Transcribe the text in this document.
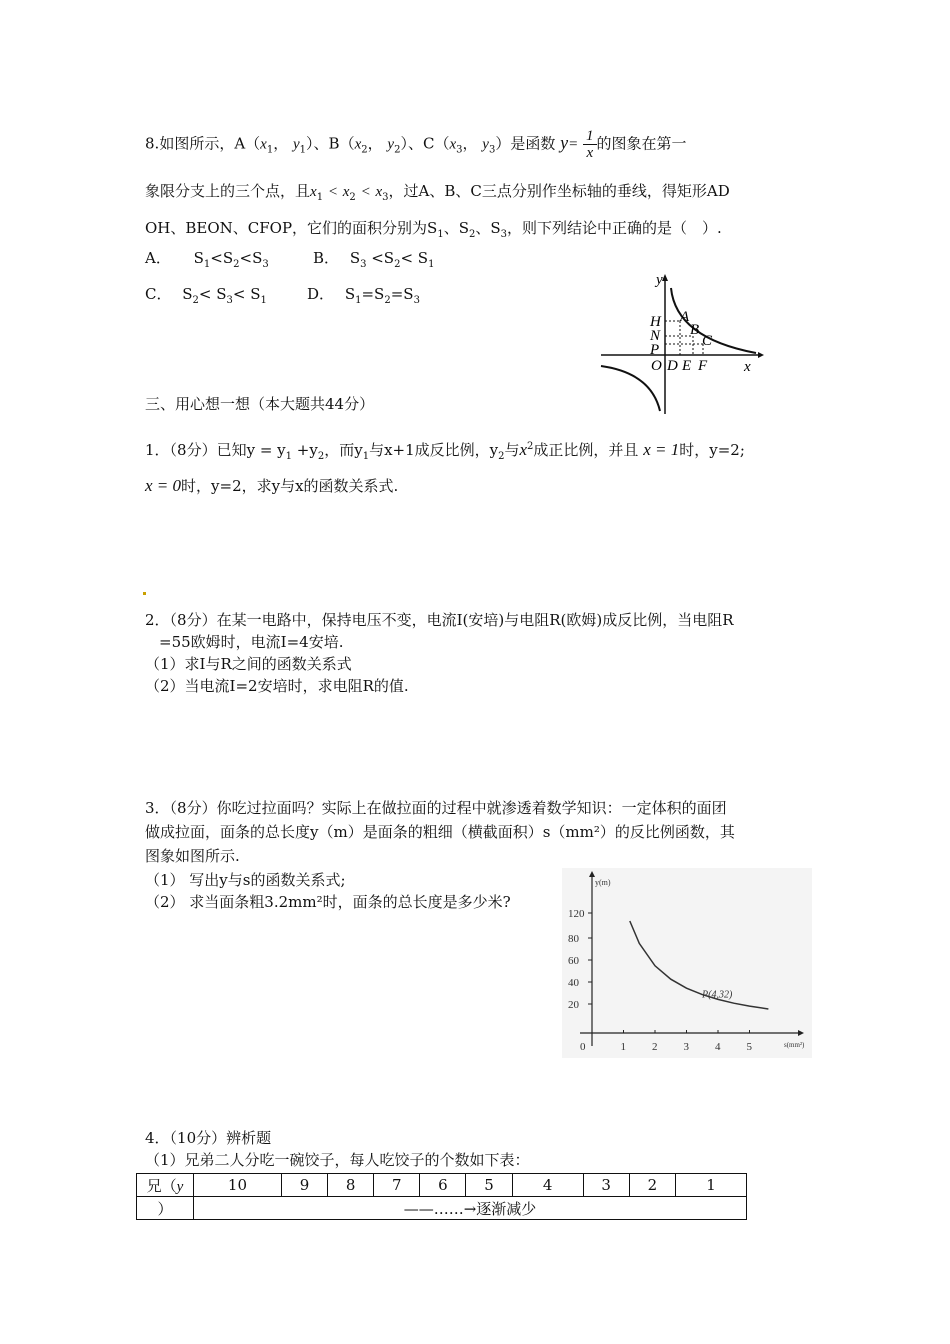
8.如图所示，$A(x_1$， $y_1$）、$B(x_2$， $y_2$）、$C(x_3$， $y_3$）是函数 $y= \frac{1}{x}$ 的图象在第一
象限分支上的三个点，且$x_1 < x_2 < x_3$，过A、B、C三点分别作坐标轴的垂线，得矩形AD
OH、BEON、CFOP，它们的面积分别为$S_1$、$S_2$、$S_3$，则下列结论中正确的是（　）.
A． $S_1<S_2<S_3$	B． $S_3 <S_2< S_1$
C． $S_2< S_3< S_1$	D． $S_1=S_2=S_3$
y
H
N
P
A
B
C
O D E F x
三、用心想一想（本大题共44分）
1．（8分）已知$y = y_1 +y_2$，而$y_1$与x+1成反比例，$y_2$与$x^2$成正比例，并且 x = 1时，y=2;
x = 0时，y=2，求y与x的函数关系式.
2．（8分）在某一电路中，保持电压不变，电流I(安培)与电阻R(欧姆)成反比例，当电阻R
=55欧姆时，电流I=4安培.
（1）求I与R之间的函数关系式
（2）当电流I=2安培时，求电阻R的值.
3．（8分）你吃过拉面吗？实际上在做拉面的过程中就渗透着数学知识：一定体积的面团
做成拉面，面条的总长度y（m）是面条的粗细（横截面积）s（mm²）的反比例函数，其
图象如图所示.
（1） 写出y与s的函数关系式;
（2） 求当面条粗3.2mm²时，面条的总长度是多少米?
y(m)
s(mm²)
120
80
60
40
20
0	1 2 3 4 5
P(4,32)
4．（10分）辨析题
（1）兄弟二人分吃一碗饺子，每人吃饺子的个数如下表：
兄（y	10	9	8	7	6	5	4	3	2	1
）	——……→逐渐减少									
